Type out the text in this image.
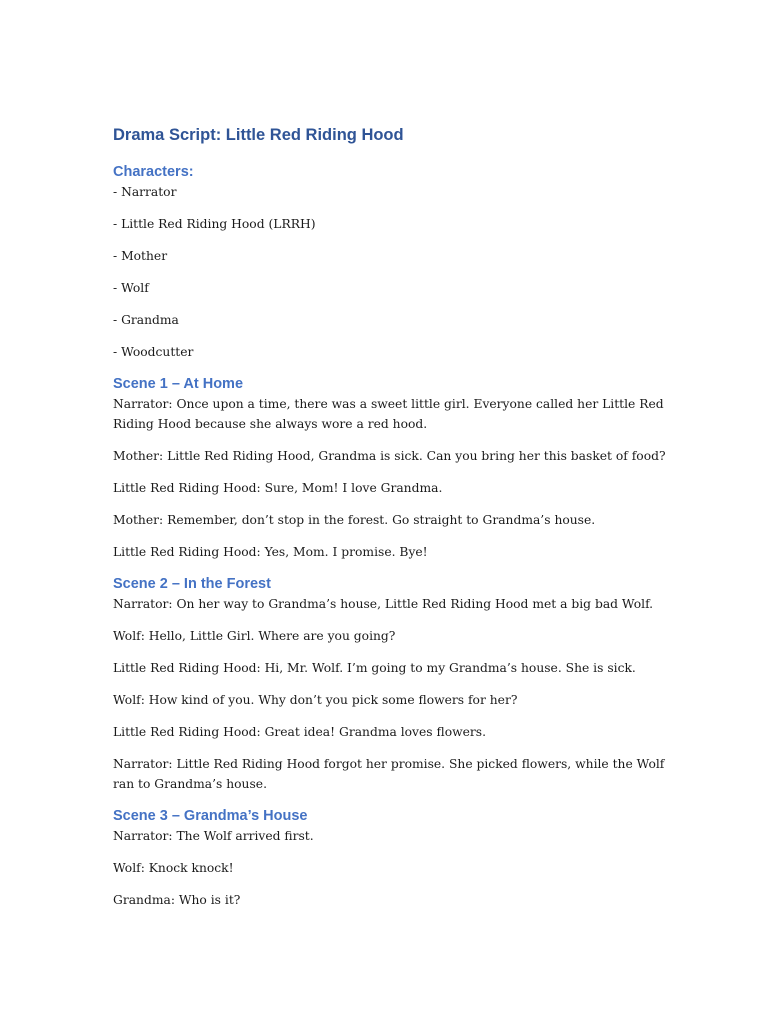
Drama Script: Little Red Riding Hood
Characters:

- Narrator

- Little Red Riding Hood (LRRH)

- Mother

- Wolf

- Grandma

- Woodcutter

Scene 1 – At Home

Narrator: Once upon a time, there was a sweet little girl. Everyone called her Little Red Riding Hood because she always wore a red hood.

Mother: Little Red Riding Hood, Grandma is sick. Can you bring her this basket of food?

Little Red Riding Hood: Sure, Mom! I love Grandma.

Mother: Remember, don’t stop in the forest. Go straight to Grandma’s house.

Little Red Riding Hood: Yes, Mom. I promise. Bye!

Scene 2 – In the Forest

Narrator: On her way to Grandma’s house, Little Red Riding Hood met a big bad Wolf.

Wolf: Hello, Little Girl. Where are you going?

Little Red Riding Hood: Hi, Mr. Wolf. I’m going to my Grandma’s house. She is sick.

Wolf: How kind of you. Why don’t you pick some flowers for her?

Little Red Riding Hood: Great idea! Grandma loves flowers.

Narrator: Little Red Riding Hood forgot her promise. She picked flowers, while the Wolf ran to Grandma’s house.

Scene 3 – Grandma’s House

Narrator: The Wolf arrived first.

Wolf: Knock knock!

Grandma: Who is it?
